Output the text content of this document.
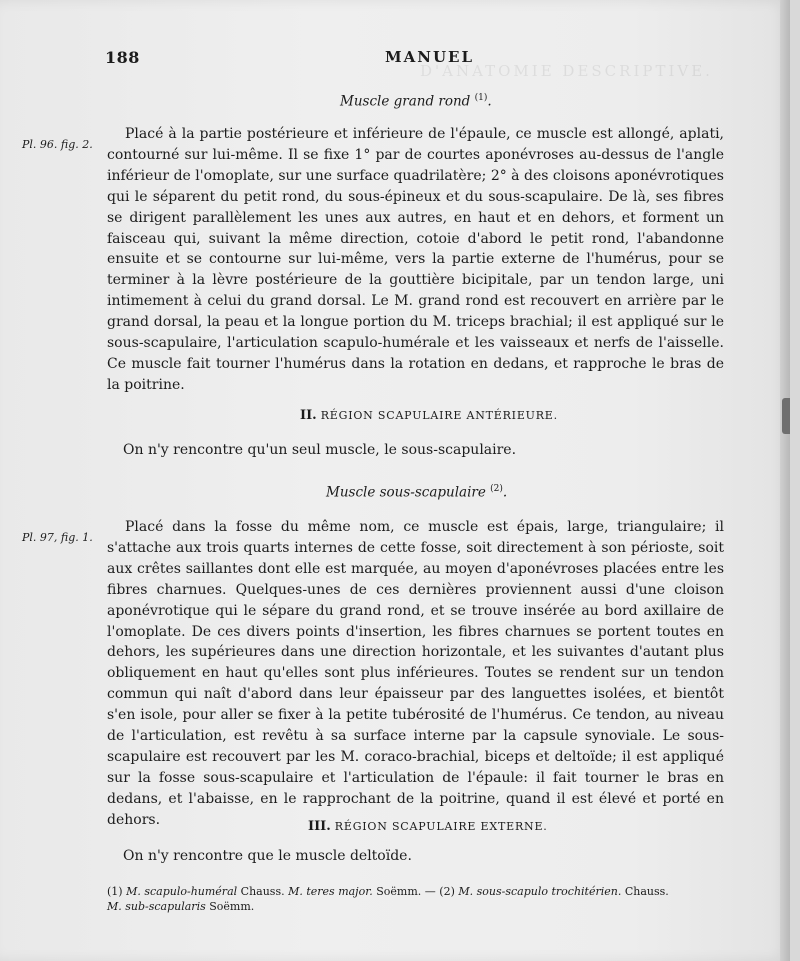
D'ANATOMIE DESCRIPTIVE.
188	MANUEL
Muscle grand rond $^{(1)}$.
Pl. 96. fig. 2.

Placé à la partie postérieure et inférieure de l'épaule, ce muscle est allongé, aplati, contourné sur lui-même. Il se fixe 1° par de courtes aponévroses au-dessus de l'angle inférieur de l'omoplate, sur une surface quadrilatère; 2° à des cloisons aponévrotiques qui le séparent du petit rond, du sous-épineux et du sous-scapulaire. De là, ses fibres se dirigent parallèlement les unes aux autres, en haut et en dehors, et forment un faisceau qui, suivant la même direction, cotoie d'abord le petit rond, l'abandonne ensuite et se contourne sur lui-même, vers la partie externe de l'humérus, pour se terminer à la lèvre postérieure de la gouttière bicipitale, par un tendon large, uni intimement à celui du grand dorsal. Le M. grand rond est recouvert en arrière par le grand dorsal, la peau et la longue portion du M. triceps brachial; il est appliqué sur le sous-scapulaire, l'articulation scapulo-humérale et les vaisseaux et nerfs de l'aisselle. Ce muscle fait tourner l'humérus dans la rotation en dedans, et rapproche le bras de la poitrine.

II. RÉGION SCAPULAIRE ANTÉRIEURE.
On n'y rencontre qu'un seul muscle, le sous-scapulaire.
Muscle sous-scapulaire $^{(2)}$.
Pl. 97, fig. 1.

Placé dans la fosse du même nom, ce muscle est épais, large, triangulaire; il s'attache aux trois quarts internes de cette fosse, soit directement à son périoste, soit aux crêtes saillantes dont elle est marquée, au moyen d'aponévroses placées entre les fibres charnues. Quelques-unes de ces dernières proviennent aussi d'une cloison aponévrotique qui le sépare du grand rond, et se trouve insérée au bord axillaire de l'omoplate. De ces divers points d'insertion, les fibres charnues se portent toutes en dehors, les supérieures dans une direction horizontale, et les suivantes d'autant plus obliquement en haut qu'elles sont plus inférieures. Toutes se rendent sur un tendon commun qui naît d'abord dans leur épaisseur par des languettes isolées, et bientôt s'en isole, pour aller se fixer à la petite tubérosité de l'humérus. Ce tendon, au niveau de l'articulation, est revêtu à sa surface interne par la capsule synoviale. Le sous-scapulaire est recouvert par les M. coraco-brachial, biceps et deltoïde; il est appliqué sur la fosse sous-scapulaire et l'articulation de l'épaule: il fait tourner le bras en dedans, et l'abaisse, en le rapprochant de la poitrine, quand il est élevé et porté en dehors.	III. RÉGION SCAPULAIRE EXTERNE.
On n'y rencontre que le muscle deltoïde.
(1) M. scapulo-huméral Chauss. M. teres major. Soëmm. — (2) M. sous-scapulo trochitérien. Chauss.
M. sub-scapularis Soëmm.
